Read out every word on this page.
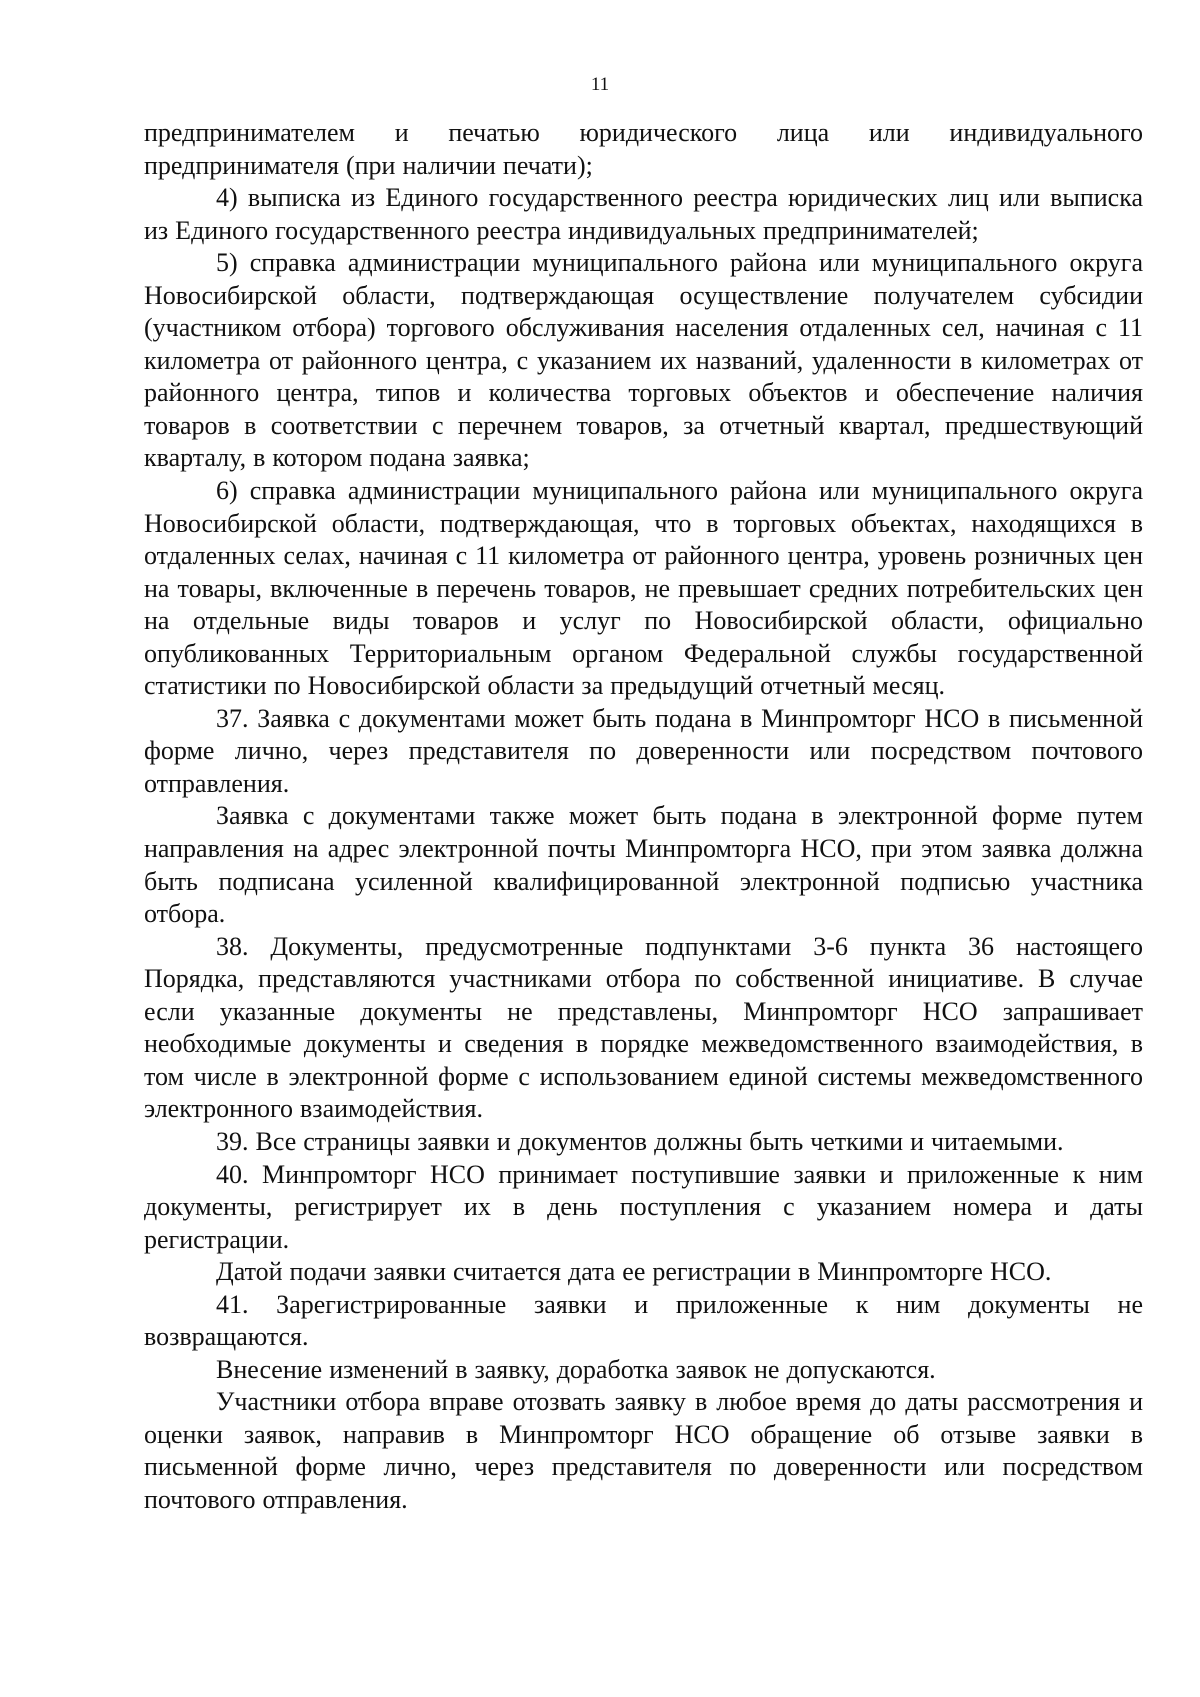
11

предпринимателем и печатью юридического лица или индивидуального предпринимателя (при наличии печати);

4) выписка из Единого государственного реестра юридических лиц или выписка из Единого государственного реестра индивидуальных предпринимателей;

5) справка администрации муниципального района или муниципального округа Новосибирской области, подтверждающая осуществление получателем субсидии (участником отбора) торгового обслуживания населения отдаленных сел, начиная с 11 километра от районного центра, с указанием их названий, удаленности в километрах от районного центра, типов и количества торговых объектов и обеспечение наличия товаров в соответствии с перечнем товаров, за отчетный квартал, предшествующий кварталу, в котором подана заявка;

6) справка администрации муниципального района или муниципального округа Новосибирской области, подтверждающая, что в торговых объектах, находящихся в отдаленных селах, начиная с 11 километра от районного центра, уровень розничных цен на товары, включенные в перечень товаров, не превышает средних потребительских цен на отдельные виды товаров и услуг по Новосибирской области, официально опубликованных Территориальным органом Федеральной службы государственной статистики по Новосибирской области за предыдущий отчетный месяц.

37. Заявка с документами может быть подана в Минпромторг НСО в письменной форме лично, через представителя по доверенности или посредством почтового отправления.

Заявка с документами также может быть подана в электронной форме путем направления на адрес электронной почты Минпромторга НСО, при этом заявка должна быть подписана усиленной квалифицированной электронной подписью участника отбора.

38. Документы, предусмотренные подпунктами 3-6 пункта 36 настоящего Порядка, представляются участниками отбора по собственной инициативе. В случае если указанные документы не представлены, Минпромторг НСО запрашивает необходимые документы и сведения в порядке межведомственного взаимодействия, в том числе в электронной форме с использованием единой системы межведомственного электронного взаимодействия.

39. Все страницы заявки и документов должны быть четкими и читаемыми.

40. Минпромторг НСО принимает поступившие заявки и приложенные к ним документы, регистрирует их в день поступления с указанием номера и даты регистрации.

Датой подачи заявки считается дата ее регистрации в Минпромторге НСО.

41. Зарегистрированные заявки и приложенные к ним документы не возвращаются.

Внесение изменений в заявку, доработка заявок не допускаются.

Участники отбора вправе отозвать заявку в любое время до даты рассмотрения и оценки заявок, направив в Минпромторг НСО обращение об отзыве заявки в письменной форме лично, через представителя по доверенности или посредством почтового отправления.
